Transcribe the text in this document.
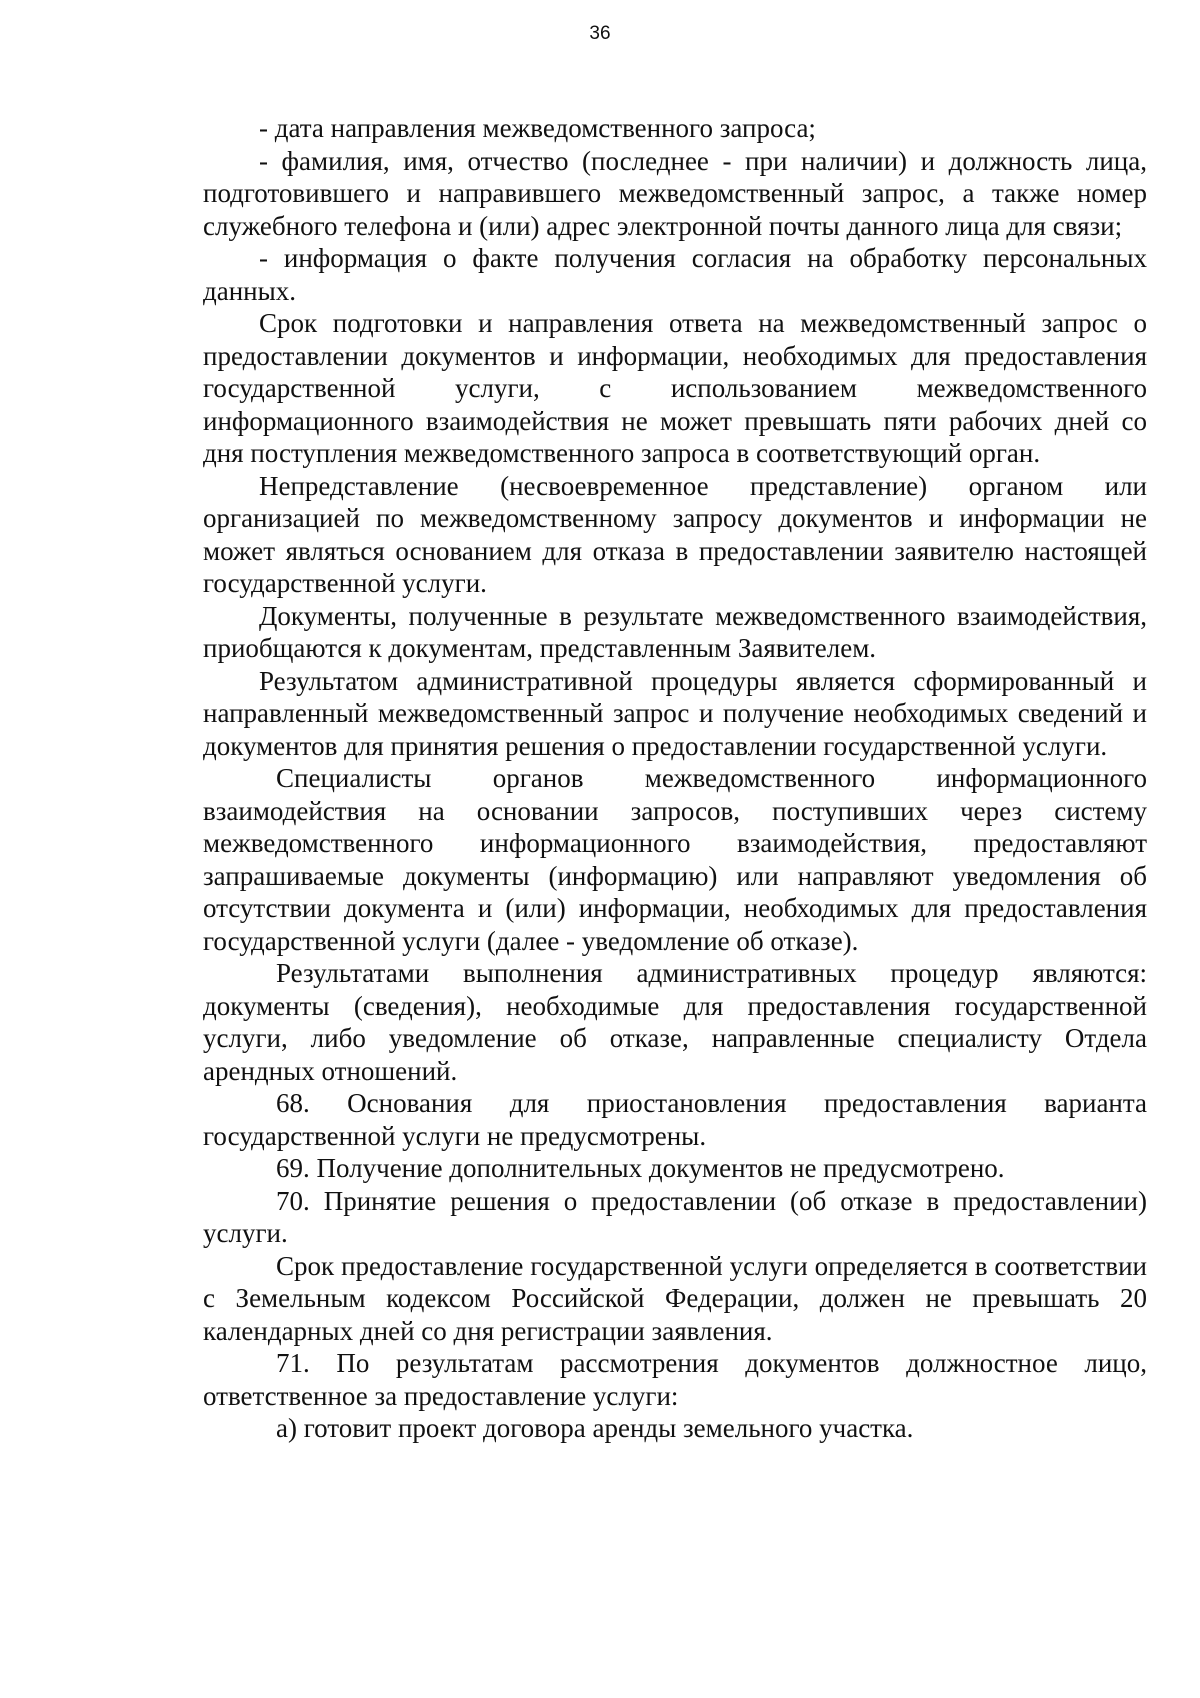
36

- дата направления межведомственного запроса;

- фамилия, имя, отчество (последнее - при наличии) и должность лица, подготовившего и направившего межведомственный запрос, а также номер служебного телефона и (или) адрес электронной почты данного лица для связи;

- информация о факте получения согласия на обработку персональных данных.

Срок подготовки и направления ответа на межведомственный запрос о предоставлении документов и информации, необходимых для предоставления государственной услуги, с использованием межведомственного информационного взаимодействия не может превышать пяти рабочих дней со дня поступления межведомственного запроса в соответствующий орган.

Непредставление (несвоевременное представление) органом или организацией по межведомственному запросу документов и информации не может являться основанием для отказа в предоставлении заявителю настоящей государственной услуги.

Документы, полученные в результате межведомственного взаимодействия, приобщаются к документам, представленным Заявителем.

Результатом административной процедуры является сформированный и направленный межведомственный запрос и получение необходимых сведений и документов для принятия решения о предоставлении государственной услуги.

Специалисты органов межведомственного информационного взаимодействия на основании запросов, поступивших через систему межведомственного информационного взаимодействия, предоставляют запрашиваемые документы (информацию) или направляют уведомления об отсутствии документа и (или) информации, необходимых для предоставления государственной услуги (далее - уведомление об отказе).

Результатами выполнения административных процедур являются: документы (сведения), необходимые для предоставления государственной услуги, либо уведомление об отказе, направленные специалисту Отдела арендных отношений.

68. Основания для приостановления предоставления варианта государственной услуги не предусмотрены.

69. Получение дополнительных документов не предусмотрено.

70. Принятие решения о предоставлении (об отказе в предоставлении) услуги.

Срок предоставление государственной услуги определяется в соответствии с Земельным кодексом Российской Федерации, должен не превышать 20 календарных дней со дня регистрации заявления.

71. По результатам рассмотрения документов должностное лицо, ответственное за предоставление услуги:

а) готовит проект договора аренды земельного участка.
